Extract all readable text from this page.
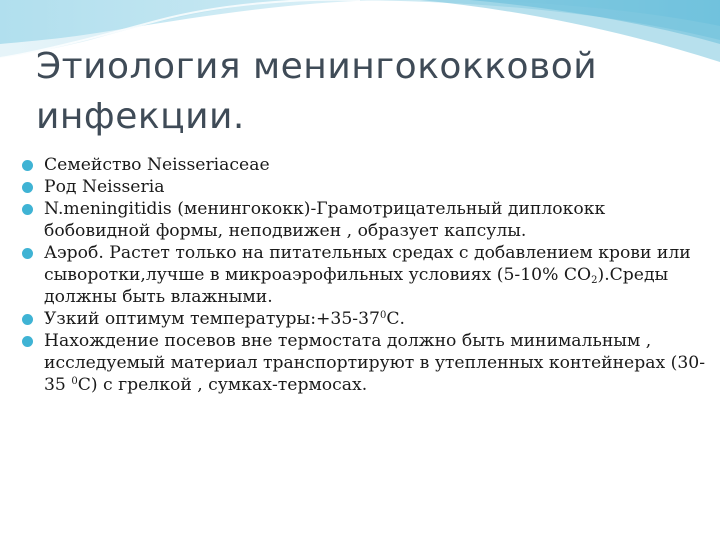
Этиология менингококковой
инфекции.
Семейство Neisseriaceae
Род Neisseria
N.meningitidis (менингококк)-Грамотрицательный диплококк бобовидной формы, неподвижен , образует капсулы.
Аэроб. Растет только на питательных средах с добавлением крови или сыворотки,лучше в микроаэрофильных условиях (5-10% $CO_2).Среды$ должны быть влажными.
Узкий оптимум $температуры:+35-37^0С$.
Нахождение посевов вне термостата должно быть минимальным , исследуемый материал транспортируют в утепленных контейнерах (30-35 $^0$С) с грелкой , сумках-термосах.
